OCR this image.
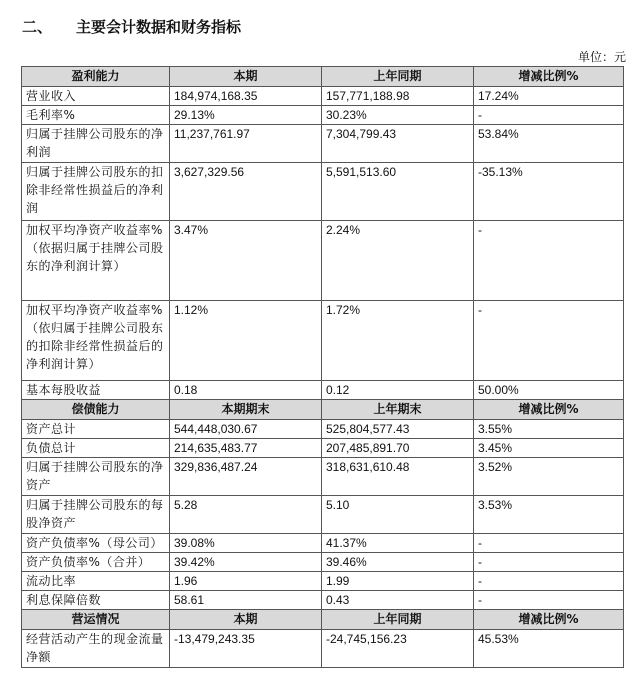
二、 主要会计数据和财务指标
单位：元
盈利能力	本期	上年同期	增减比例%
营业收入	184,974,168.35	157,771,188.98	17.24%
毛利率%	29.13%	30.23%	-
归属于挂牌公司股东的净利润	11,237,761.97	7,304,799.43	53.84%
归属于挂牌公司股东的扣除非经常性损益后的净利润	3,627,329.56	5,591,513.60	-35.13%
加权平均净资产收益率%（依据归属于挂牌公司股东的净利润计算）	3.47%	2.24%	-
加权平均净资产收益率%（依归属于挂牌公司股东的扣除非经常性损益后的净利润计算）	1.12%	1.72%	-
基本每股收益	0.18	0.12	50.00%
偿债能力	本期期末	上年期末	增减比例%
资产总计	544,448,030.67	525,804,577.43	3.55%
负债总计	214,635,483.77	207,485,891.70	3.45%
归属于挂牌公司股东的净资产	329,836,487.24	318,631,610.48	3.52%
归属于挂牌公司股东的每股净资产	5.28	5.10	3.53%
资产负债率%（母公司）	39.08%	41.37%	-
资产负债率%（合并）	39.42%	39.46%	-
流动比率	1.96	1.99	-
利息保障倍数	58.61	0.43	-
营运情况	本期	上年同期	增减比例%
经营活动产生的现金流量净额	-13,479,243.35	-24,745,156.23	45.53%
